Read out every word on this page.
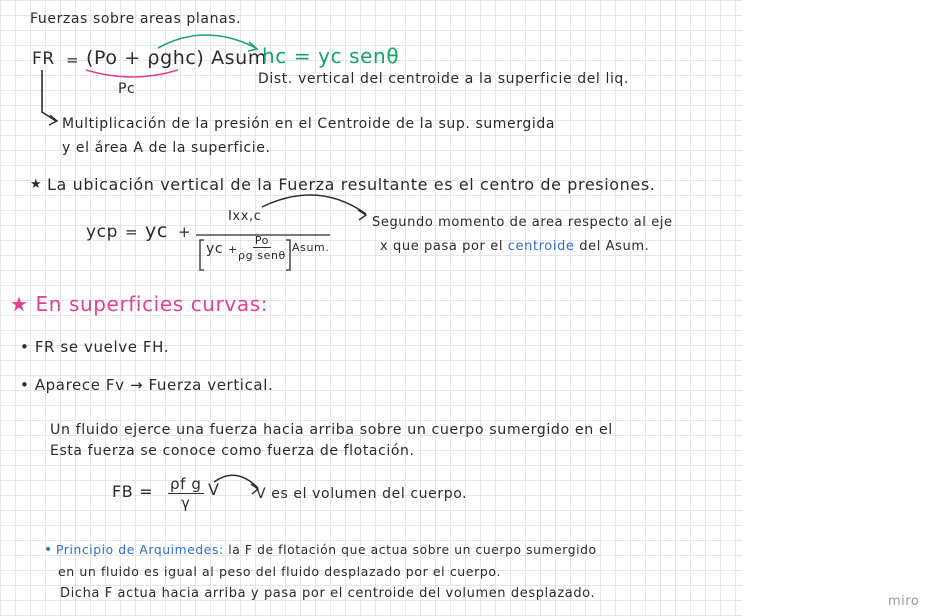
Fuerzas sobre areas planas.
FR = (Po + ρghc) Asum
Pc
hc = yc senθ
Dist. vertical del centroide a la superficie del liq.
Multiplicación de la presión en el Centroide de la sup. sumergida
y el área A de la superficie.
★ La ubicación vertical de la Fuerza resultante es el centro de presiones.
ycp = yc +
Ixx,c
yc +
Po
ρg senθ
Asum.
Segundo momento de area respecto al eje
x que pasa por el centroide del Asum.
★ En superficies curvas:
• FR se vuelve FH.
• Aparece Fv → Fuerza vertical.
Un fluido ejerce una fuerza hacia arriba sobre un cuerpo sumergido en el
Esta fuerza se conoce como fuerza de flotación.
FB = $\frac{\text{ρf g}}{\gamma}$ V	V es el volumen del cuerpo.
• Principio de Arquimedes: la F de flotación que actua sobre un cuerpo sumergido
en un fluido es igual al peso del fluido desplazado por el cuerpo.
Dicha F actua hacia arriba y pasa por el centroide del volumen desplazado.
miro
